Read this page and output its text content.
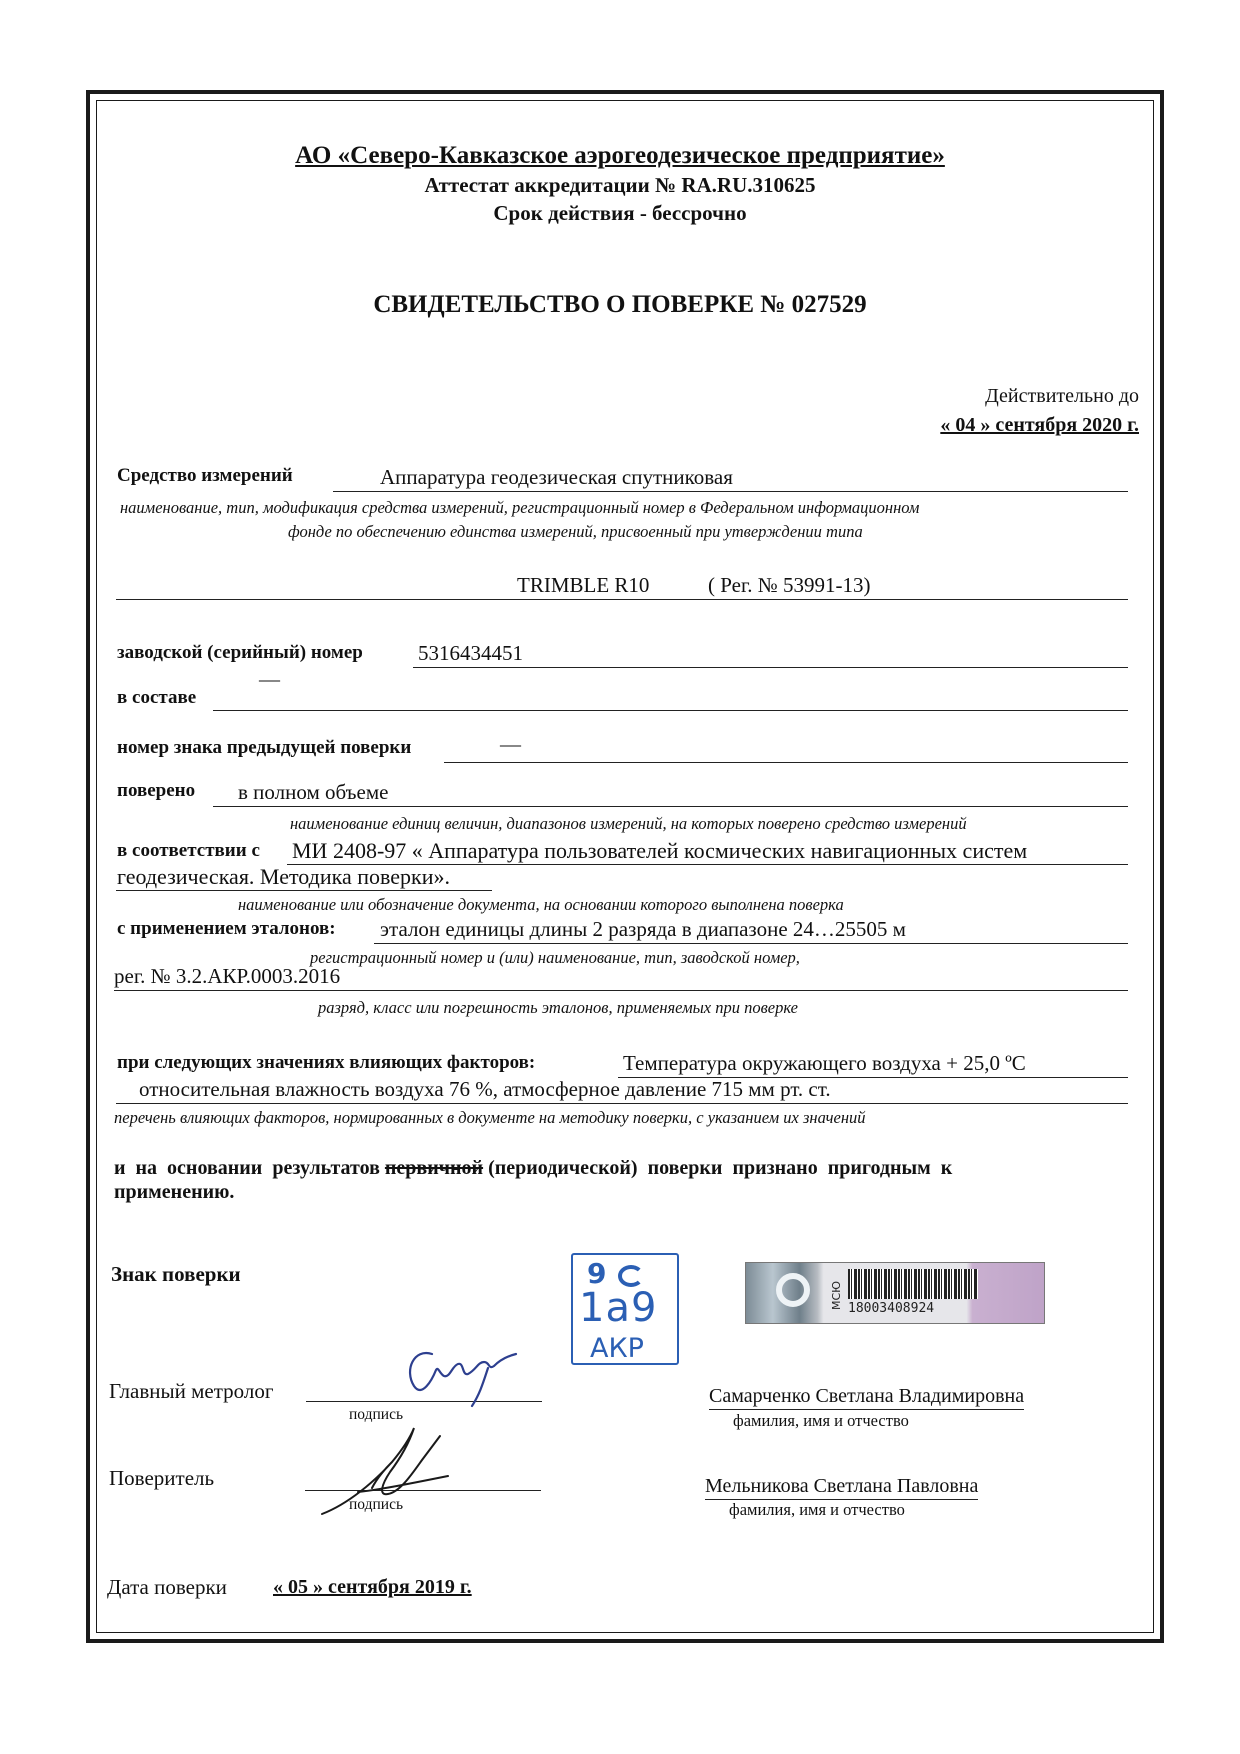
АО «Северо-Кавказское аэрогеодезическое предприятие»
Аттестат аккредитации № RA.RU.310625
Срок действия - бессрочно
СВИДЕТЕЛЬСТВО О ПОВЕРКЕ № 027529
Действительно до
« 04 » сентября 2020 г.
Средство измерений	Аппаратура геодезическая спутниковая
наименование, тип, модификация средства измерений, регистрационный номер в Федеральном информационном
фонде по обеспечению единства измерений, присвоенный при утверждении типа
TRIMBLE R10	( Рег. № 53991-13)
заводской (серийный) номер	5316434451
в составе
—
номер знака предыдущей поверки	—
поверено в полном объеме
наименование единиц величин, диапазонов измерений, на которых поверено средство измерений
в соответствии с МИ 2408-97 « Аппаратура пользователей космических навигационных систем
геодезическая. Методика поверки».
наименование или обозначение документа, на основании которого выполнена поверка
с применением эталонов: эталон единицы длины 2 разряда в диапазоне 24…25505 м
регистрационный номер и (или) наименование, тип, заводской номер,
рег. № 3.2.АКР.0003.2016
разряд, класс или погрешность эталонов, применяемых при поверке
при следующих значениях влияющих факторов:	Температура окружающего воздуха + 25,0 ºС
относительная влажность воздуха 76 %, атмосферное давление 715 мм рт. ст.
перечень влияющих факторов, нормированных в документе на методику поверки, с указанием их значений
и  на  основании  результатов первичной (периодической)  поверки  признано  пригодным  к
применению.
Знак поверки	9
1а9
АКР
МСЮ 18003408924
Главный метролог
подпись
Самарченко Светлана Владимировна
фамилия, имя и отчество
Поверитель
подпись
Мельникова Светлана Павловна
фамилия, имя и отчество
Дата поверки « 05 » сентября 2019 г.
